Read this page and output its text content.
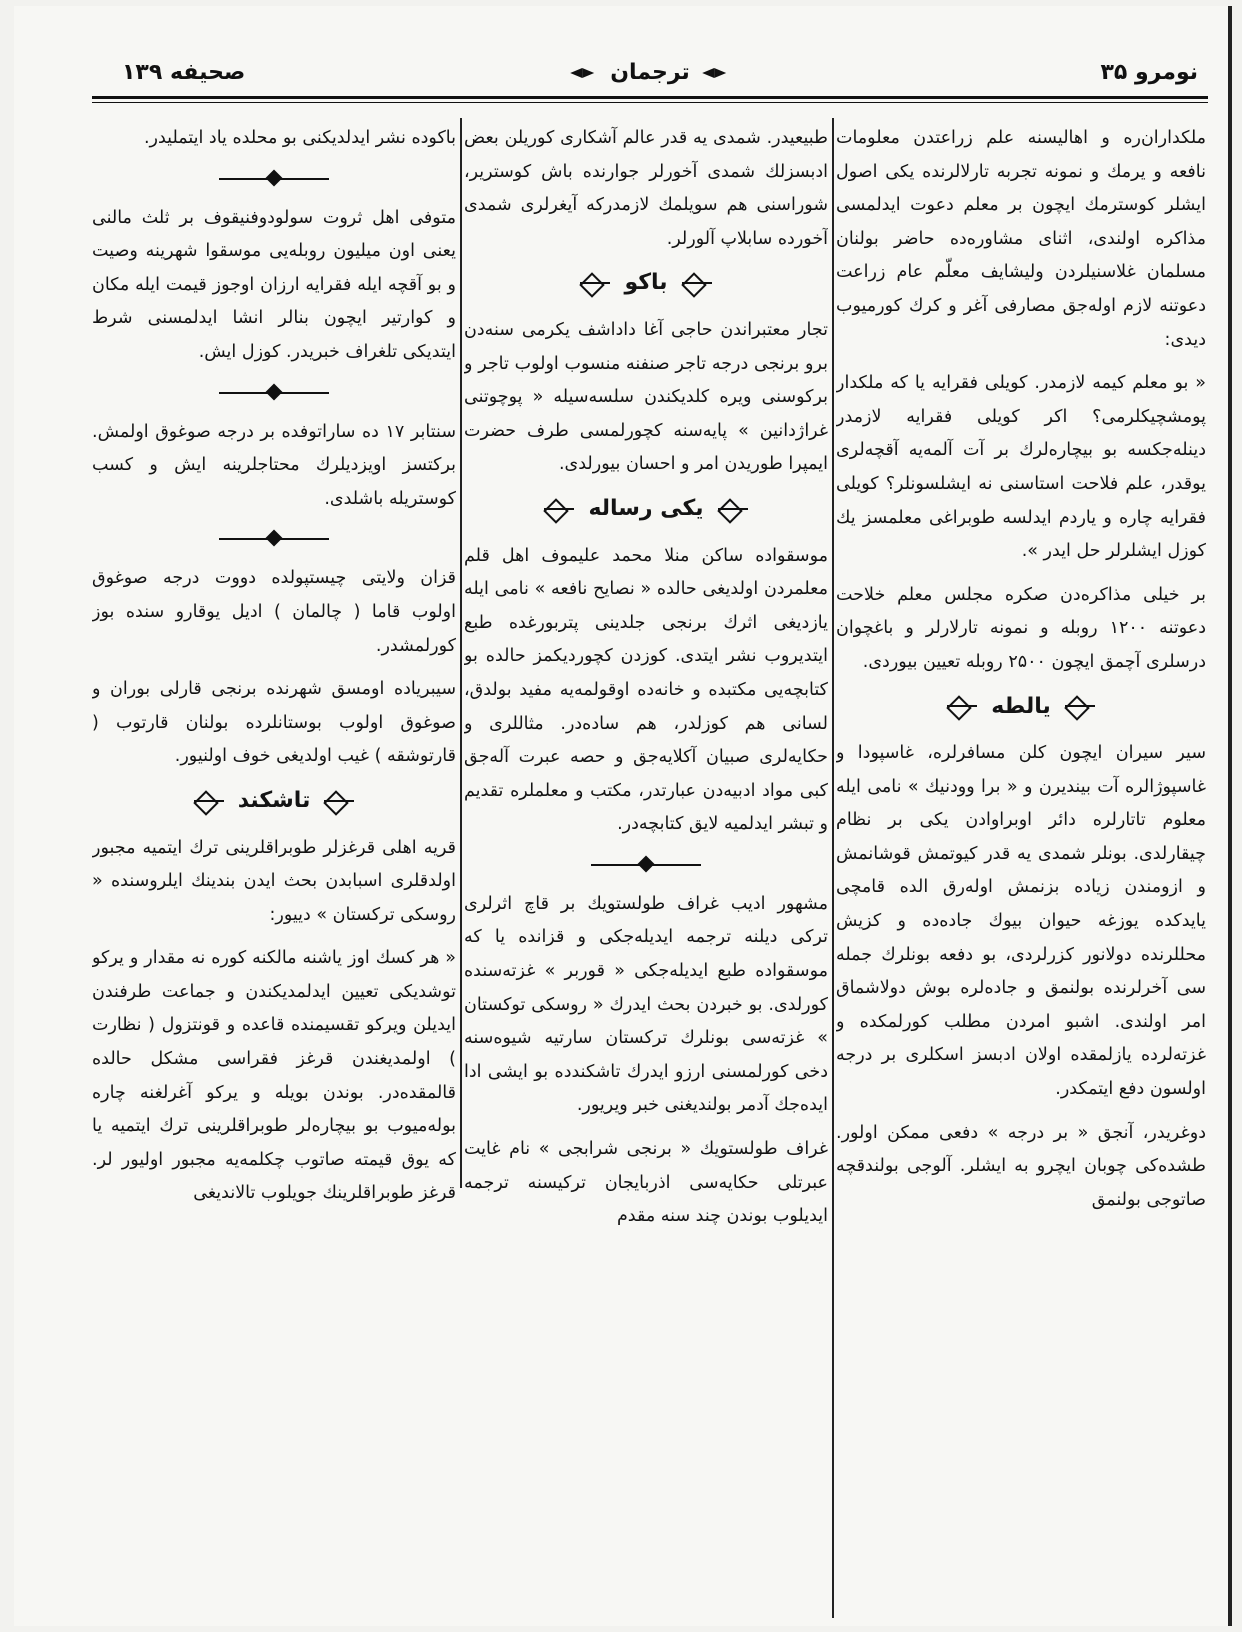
صحیفه ۱۳۹	ترجمان	نومرو ۳۵

ملکداران‌ره و اهالیسنه علم زراعتدن معلومات نافعه و یرمك و نمونه تجربه تارلالرنده یکی اصول ایشلر کوسترمك ایچون بر معلم دعوت ایدلمسی مذاکره اولندی، اثنای مشاوره‌ده حاضر بولنان مسلمان غلاسنیلردن ولیشایف معلّم عام زراعت دعوتنه لازم اوله‌جق مصارفی آغر و کرك کورمیوب دیدی:

« بو معلم کیمه لازمدر. کویلی فقرایه یا که ملکدار پومشچیکلرمی؟ اکر کویلی فقرایه لازمدر دینله‌جکسه بو بیچاره‌لرك بر آت آلمه‌یه آقچه‌لری یوقدر، علم فلاحت استاسنی نه ایشلسونلر؟ کویلی فقرایه چاره و یاردم ایدلسه طوبراغی معلمسز یك کوزل ایشلرلر حل ایدر ».

بر خیلی مذاکره‌دن صکره مجلس معلم خلاحت دعوتنه ۱۲۰۰ روبله و نمونه تارلارلر و باغچوان درسلری آچمق ایچون ۲۵۰۰ روبله تعیین بیوردی.

یالطه

سیر سیران ایچون کلن مسافرلره، غاسپودا و غاسپوژالره آت بینديرن و « برا وودنیك » نامی ایله معلوم تاتارلره دائر اوبراوادن یکی بر نظام چیقارلدی. بونلر شمدی یه قدر کیوتمش قوشانمش و ازومندن زیاده بزنمش اوله‌رق الده قامچی یایدکده یوزغه حیوان بیوك جاده‌ده و کزیش محللرنده دولانور کزرلردی، بو دفعه بونلرك جمله سی آخرلرنده بولنمق و جاده‌لره بوش دولاشماق امر اولندی. اشبو امردن مطلب کورلمکده و غزته‌لرده یازلمقده اولان ادبسز اسکلری بر درجه اولسون دفع ایتمکدر.

دوغریدر، آنجق « بر درجه » دفعی ممکن اولور. طشده‌کی چوبان ایچرو به ایشلر. آلوجی بولندقچه صاتوجی بولنمق

طبیعیدر. شمدی یه قدر عالم آشکاری کوریلن بعض ادبسزلك شمدی آخورلر جوارنده باش کوستریر، شوراسنی هم سویلمك لازمدرکه آیغرلری شمدی آخورده سابلاپ آلورلر.

باکو

تجار معتبراندن حاجی آغا داداشف یکرمی سنه‌دن برو برنجی درجه تاجر صنفنه منسوب اولوب تاجر و برکوسنی ویره کلدیکندن سلسه‌سیله « پوچوتنی غراژدانین » پایه‌سنه کچورلمسی طرف حضرت ایمپرا طوریدن امر و احسان بیورلدی.

یکی رساله

موسقواده ساکن منلا محمد علیموف اهل قلم معلمردن اولدیغی حالده « نصایح نافعه » نامی ایله یازدیغی اثرك برنجی جلدینی پتربورغده طبع ایتدیروب نشر ایتدی. کوزدن کچوردیکمز حالده بو کتابچه‌یی مکتبده و خانه‌ده اوقولمه‌یه مفید بولدق، لسانی هم کوزلدر، هم ساده‌در. مثاللری و حکایه‌لری صبیان آکلایه‌جق و حصه عبرت آله‌جق کبی مواد ادبیه‌دن عبارتدر، مکتب و معلملره تقدیم و تبشر ایدلمیه لایق کتابچه‌در.

مشهور ادیب غراف طولستویك بر قاچ اثرلری ترکی دیلنه ترجمه ایدیله‌جکی و قزانده یا که موسقواده طبع ایدیله‌جکی « قوربر » غزته‌سنده کورلدی. بو خبردن بحث ایدرك « روسکی توکستان » غزته‌سی بونلرك ترکستان سارتیه شیوه‌سنه دخی کورلمسنی ارزو ایدرك تاشکندده بو ایشی ادا ایده‌جك آدمر بولندیغنی خبر ویریور.

غراف طولستویك « برنجی شرابجی » نام غایت عبرتلی حکایه‌سی اذربایجان ترکیسنه ترجمه ایدیلوب بوندن چند سنه مقدم

باکوده نشر ایدلدیکنی بو محلده یاد ایتملیدر.

متوفی اهل ثروت سولودوفنیقوف بر ثلث مالنی یعنی اون میلیون روبله‌یی موسقوا شهرینه وصیت و بو آقچه ایله فقرایه ارزان اوجوز قیمت ایله مکان و کوارتیر ایچون بنالر انشا ایدلمسنی شرط ایتدیکی تلغراف خبریدر. کوزل ایش.

سنتابر ۱۷ ده ساراتوفده بر درجه صوغوق اولمش. برکتسز اویزدیلرك محتاجلرینه ایش و کسب کوستریله باشلدی.

قزان ولایتی چیستپولده دووت درجه صوغوق اولوب قاما ( چالمان ) ادیل یوقارو سنده بوز کورلمشدر.

سیبریاده اومسق شهرنده برنجی قارلی بوران و صوغوق اولوب بوستانلرده بولنان قارتوب ( قارتوشقه ) غیب اولدیغی خوف اولنیور.

تاشکند

قریه اهلی قرغزلر طوبراقلرینی ترك ایتمیه مجبور اولدقلری اسبابدن بحث ایدن بندینك ایلروسنده « روسکی ترکستان » دییور:

« هر کسك اوز یاشنه مالکنه کوره نه مقدار و یرکو توشدیکی تعیین ایدلمدیکندن و جماعت طرفندن ایدیلن ویرکو تقسیمنده قاعده و قونتزول ( نظارت ) اولمدیغندن قرغز فقراسی مشکل حالده قالمقده‌در. بوندن بویله و یرکو آغرلغنه چاره بوله‌میوب بو بیچاره‌لر طوبراقلرینی ترك ایتمیه یا که یوق قیمته صاتوب چکلمه‌یه مجبور اولیور لر. قرغز طوبراقلرینك جویلوب تالاندیغی
